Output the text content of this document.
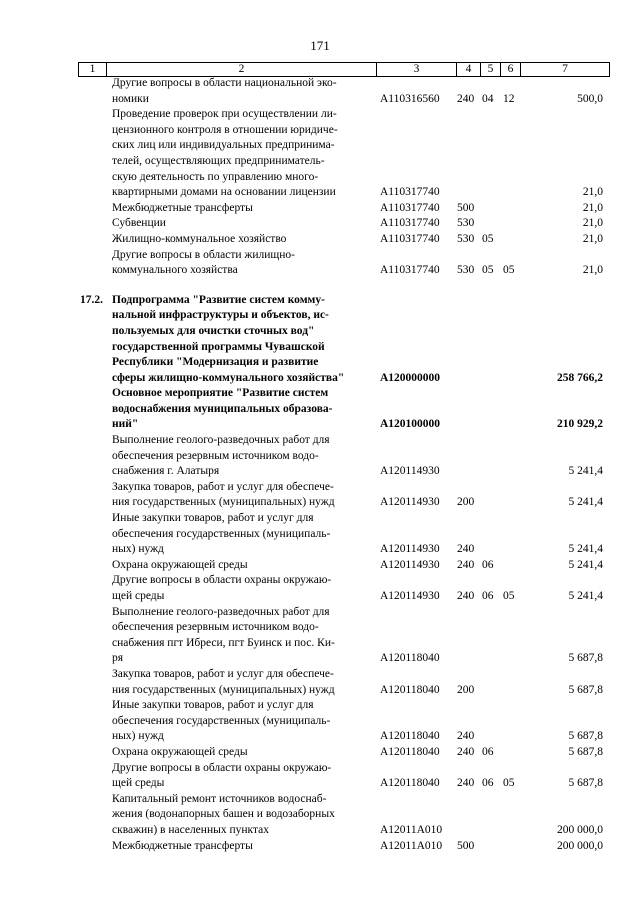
171
1	2	3	4	5	6	7
Другие вопросы в области национальной эко-
номики	А110316560 240 04 12	500,0
Проведение проверок при осуществлении ли-
цензионного контроля в отношении юридиче-
ских лиц или индивидуальных предпринима-
телей, осуществляющих предприниматель-
скую деятельность по управлению много-
квартирными домами на основании лицензии	А110317740	21,0
Межбюджетные трансферты	А110317740 500	21,0
Субвенции	А110317740 530	21,0
Жилищно-коммунальное хозяйство	А110317740 530 05	21,0
Другие вопросы в области жилищно-
коммунального хозяйства	А110317740 530 05 05	21,0
17.2. Подпрограмма "Развитие систем комму-
нальной инфраструктуры и объектов, ис-
пользуемых для очистки сточных вод"
государственной программы Чувашской
Республики "Модернизация и развитие
сферы жилищно-коммунального хозяйства"	А120000000	258 766,2
Основное мероприятие "Развитие систем
водоснабжения муниципальных образова-
ний"	А120100000	210 929,2
Выполнение геолого-разведочных работ для
обеспечения резервным источником водо-
снабжения г. Алатыря	А120114930	5 241,4
Закупка товаров, работ и услуг для обеспече-
ния государственных (муниципальных) нужд	А120114930 200	5 241,4
Иные закупки товаров, работ и услуг для
обеспечения государственных (муниципаль-
ных) нужд	А120114930 240	5 241,4
Охрана окружающей среды	А120114930 240 06	5 241,4
Другие вопросы в области охраны окружаю-
щей среды	А120114930 240 06 05	5 241,4
Выполнение геолого-разведочных работ для
обеспечения резервным источником водо-
снабжения пгт Ибреси, пгт Буинск и пос. Ки-
ря	А120118040	5 687,8
Закупка товаров, работ и услуг для обеспече-
ния государственных (муниципальных) нужд	А120118040 200	5 687,8
Иные закупки товаров, работ и услуг для
обеспечения государственных (муниципаль-
ных) нужд	А120118040 240	5 687,8
Охрана окружающей среды	А120118040 240 06	5 687,8
Другие вопросы в области охраны окружаю-
щей среды	А120118040 240 06 05	5 687,8
Капитальный ремонт источников водоснаб-
жения (водонапорных башен и водозаборных
скважин) в населенных пунктах	А12011А010	200 000,0
Межбюджетные трансферты	А12011А010 500	200 000,0
